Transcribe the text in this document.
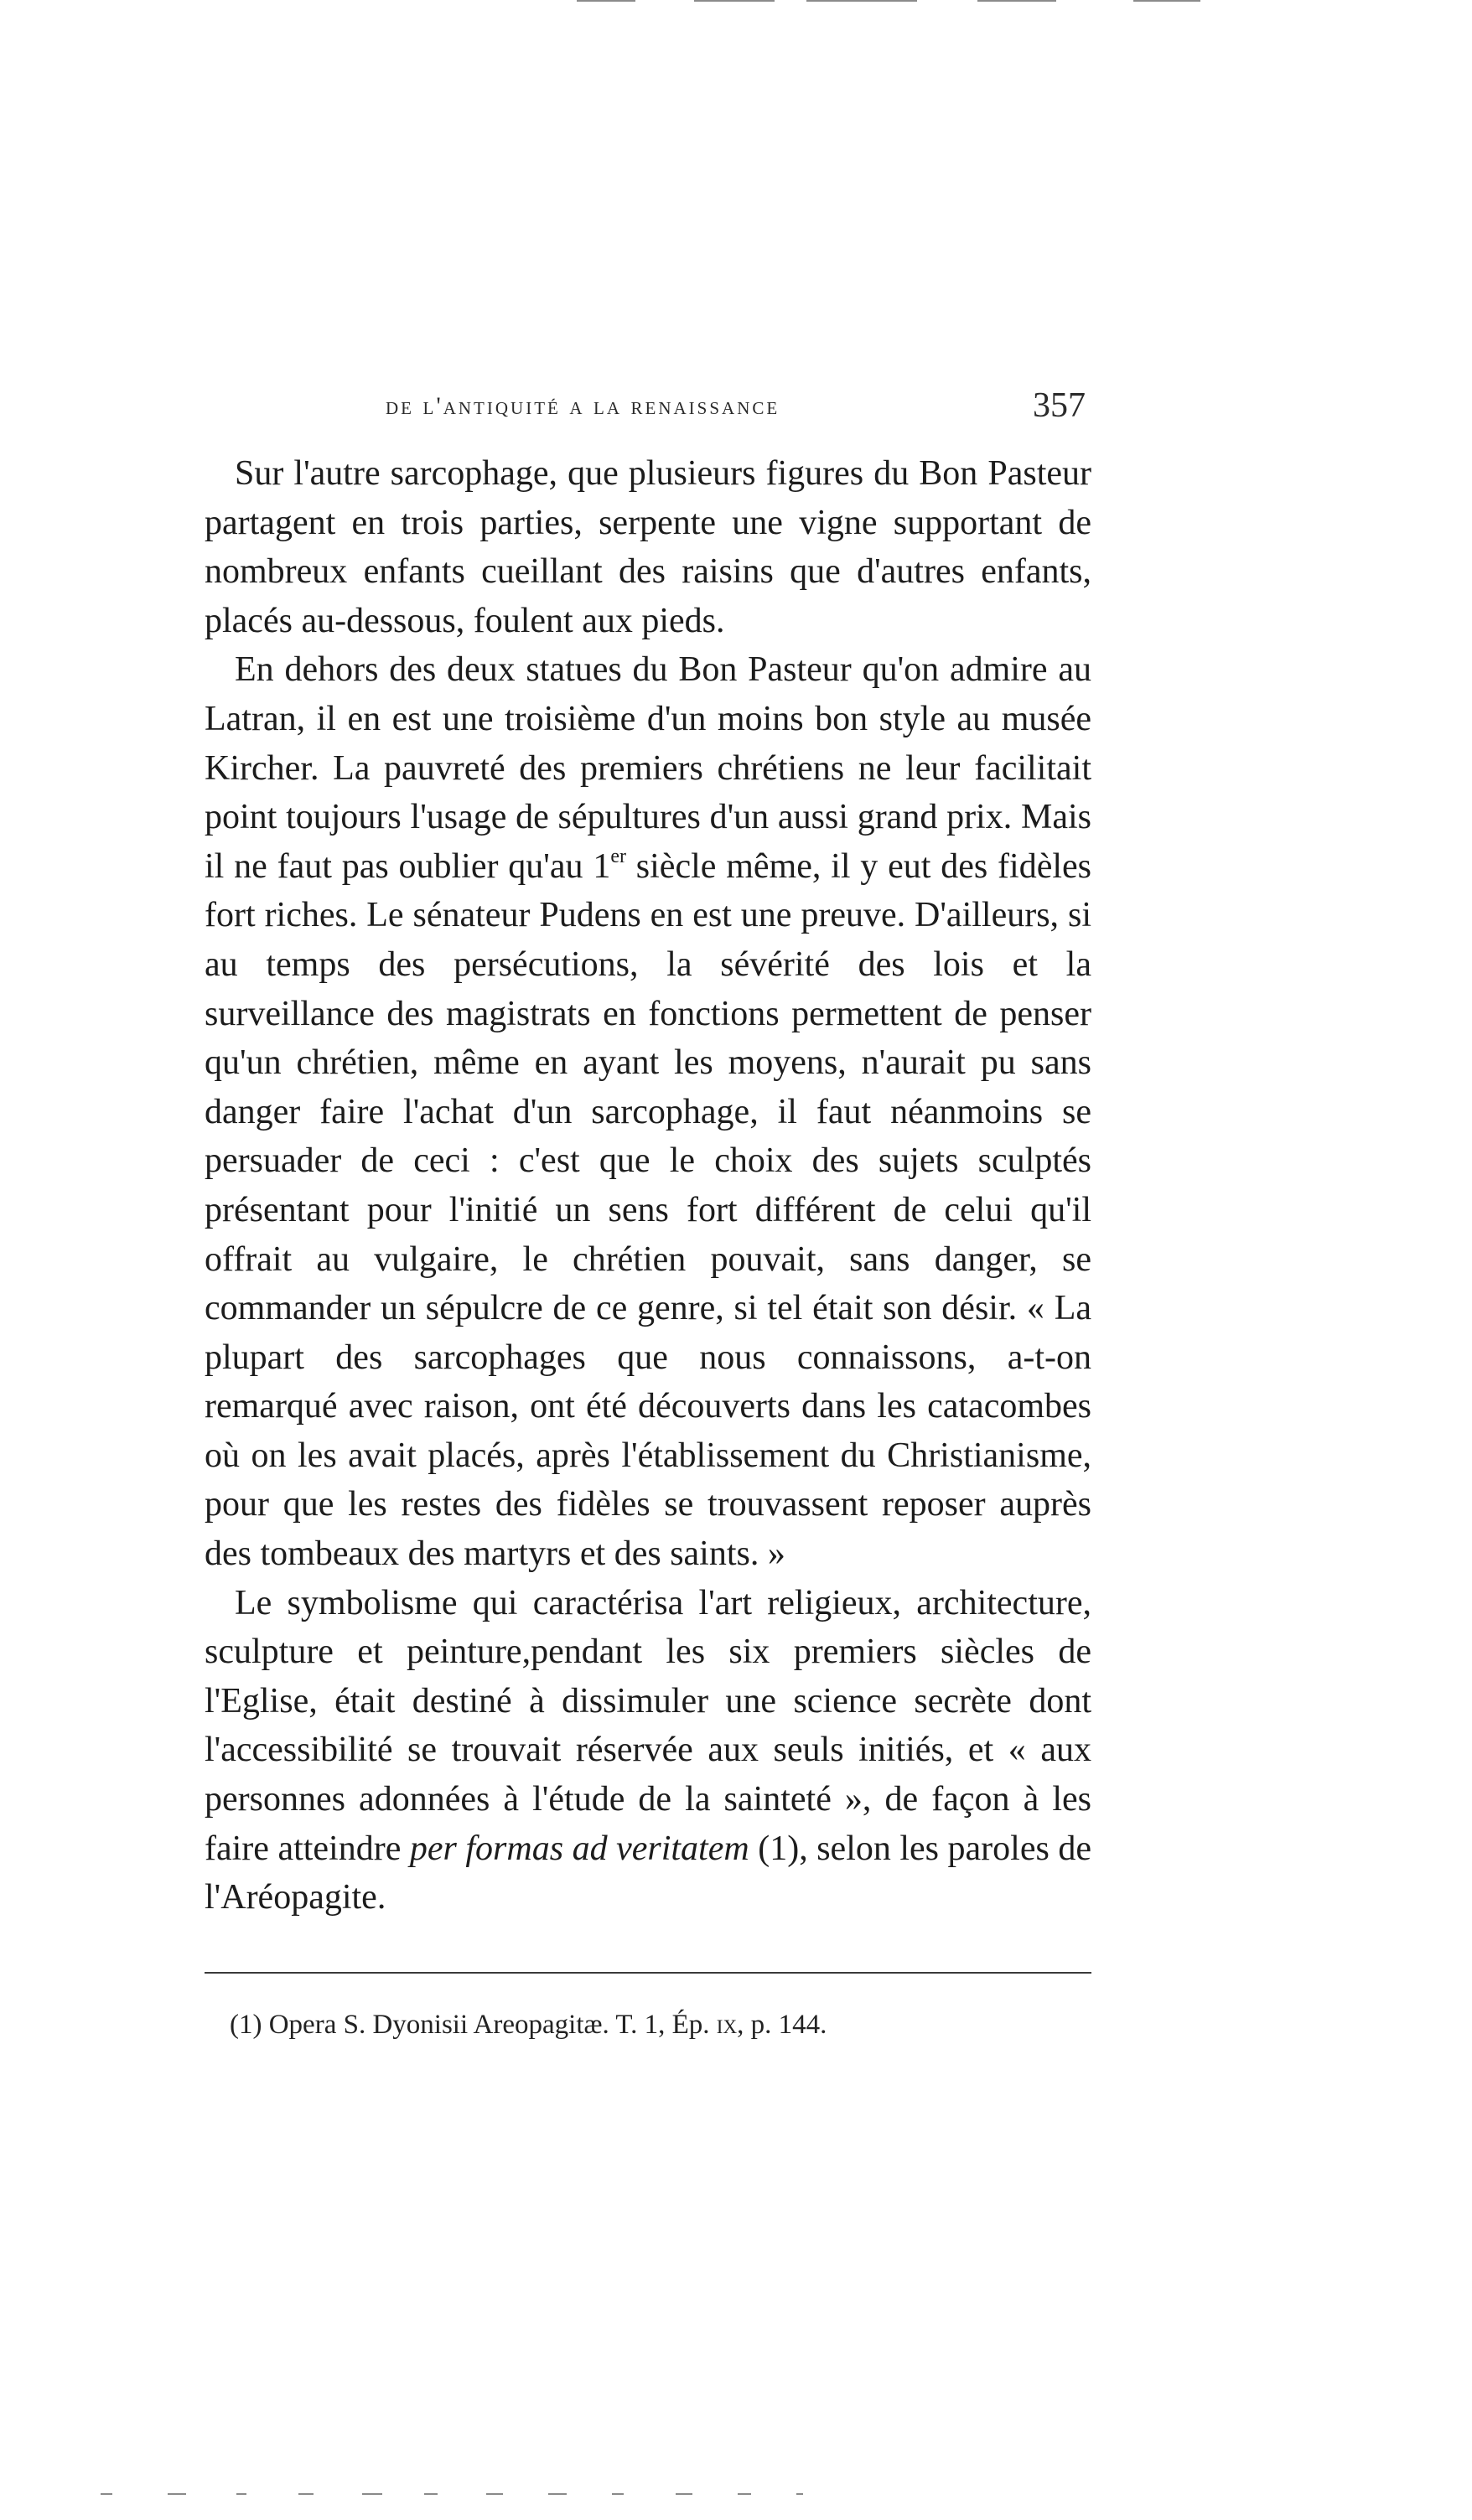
de l'antiquité a la renaissance	357

Sur l'autre sarcophage, que plusieurs figures du Bon Pasteur partagent en trois parties, serpente une vigne supportant de nombreux enfants cueillant des raisins que d'autres enfants, placés au-dessous, foulent aux pieds.

En dehors des deux statues du Bon Pasteur qu'on admire au Latran, il en est une troisième d'un moins bon style au musée Kircher. La pauvreté des premiers chrétiens ne leur facilitait point toujours l'usage de sépultures d'un aussi grand prix. Mais il ne faut pas oublier qu'au 1er siècle même, il y eut des fidèles fort riches. Le sénateur Pudens en est une preuve. D'ailleurs, si au temps des persécutions, la sévérité des lois et la surveillance des magistrats en fonctions permettent de penser qu'un chrétien, même en ayant les moyens, n'aurait pu sans danger faire l'achat d'un sarcophage, il faut néanmoins se persuader de ceci : c'est que le choix des sujets sculptés présentant pour l'initié un sens fort différent de celui qu'il offrait au vulgaire, le chrétien pouvait, sans danger, se commander un sépulcre de ce genre, si tel était son désir. « La plupart des sarcophages que nous connaissons, a-t-on remarqué avec raison, ont été découverts dans les catacombes où on les avait placés, après l'établissement du Christianisme, pour que les restes des fidèles se trouvassent reposer auprès des tombeaux des martyrs et des saints. »

Le symbolisme qui caractérisa l'art religieux, architecture, sculpture et peinture,pendant les six premiers siècles de l'Eglise, était destiné à dissimuler une science secrète dont l'accessibilité se trouvait réservée aux seuls initiés, et « aux personnes adonnées à l'étude de la sainteté », de façon à les faire atteindre per formas ad veritatem (1), selon les paroles de l'Aréopagite.

(1) Opera S. Dyonisii Areopagitæ. T. 1, Ép. ix, p. 144.
